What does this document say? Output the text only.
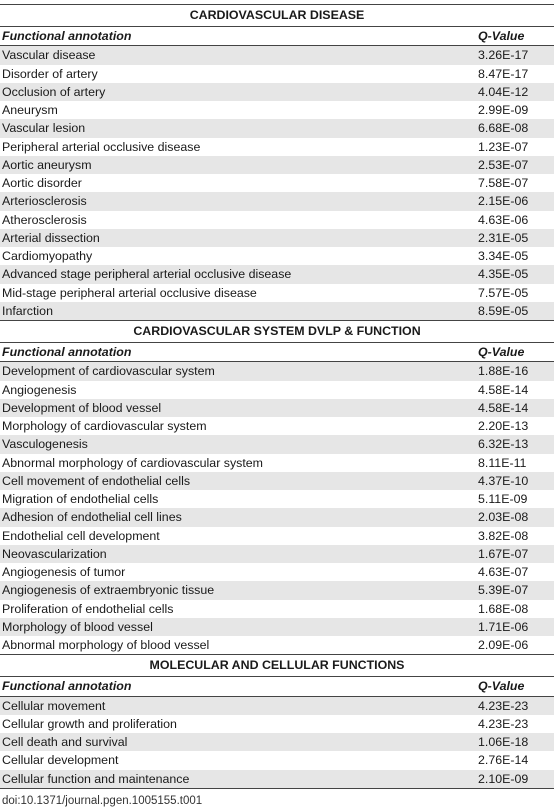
CARDIOVASCULAR DISEASE	
Functional annotation	Q-Value
Vascular disease	3.26E-17
Disorder of artery	8.47E-17
Occlusion of artery	4.04E-12
Aneurysm	2.99E-09
Vascular lesion	6.68E-08
Peripheral arterial occlusive disease	1.23E-07
Aortic aneurysm	2.53E-07
Aortic disorder	7.58E-07
Arteriosclerosis	2.15E-06
Atherosclerosis	4.63E-06
Arterial dissection	2.31E-05
Cardiomyopathy	3.34E-05
Advanced stage peripheral arterial occlusive disease	4.35E-05
Mid-stage peripheral arterial occlusive disease	7.57E-05
Infarction	8.59E-05
CARDIOVASCULAR SYSTEM DVLP & FUNCTION	
Functional annotation	Q-Value
Development of cardiovascular system	1.88E-16
Angiogenesis	4.58E-14
Development of blood vessel	4.58E-14
Morphology of cardiovascular system	2.20E-13
Vasculogenesis	6.32E-13
Abnormal morphology of cardiovascular system	8.11E-11
Cell movement of endothelial cells	4.37E-10
Migration of endothelial cells	5.11E-09
Adhesion of endothelial cell lines	2.03E-08
Endothelial cell development	3.82E-08
Neovascularization	1.67E-07
Angiogenesis of tumor	4.63E-07
Angiogenesis of extraembryonic tissue	5.39E-07
Proliferation of endothelial cells	1.68E-08
Morphology of blood vessel	1.71E-06
Abnormal morphology of blood vessel	2.09E-06
MOLECULAR AND CELLULAR FUNCTIONS	
Functional annotation	Q-Value
Cellular movement	4.23E-23
Cellular growth and proliferation	4.23E-23
Cell death and survival	1.06E-18
Cellular development	2.76E-14
Cellular function and maintenance	2.10E-09
doi:10.1371/journal.pgen.1005155.t001
